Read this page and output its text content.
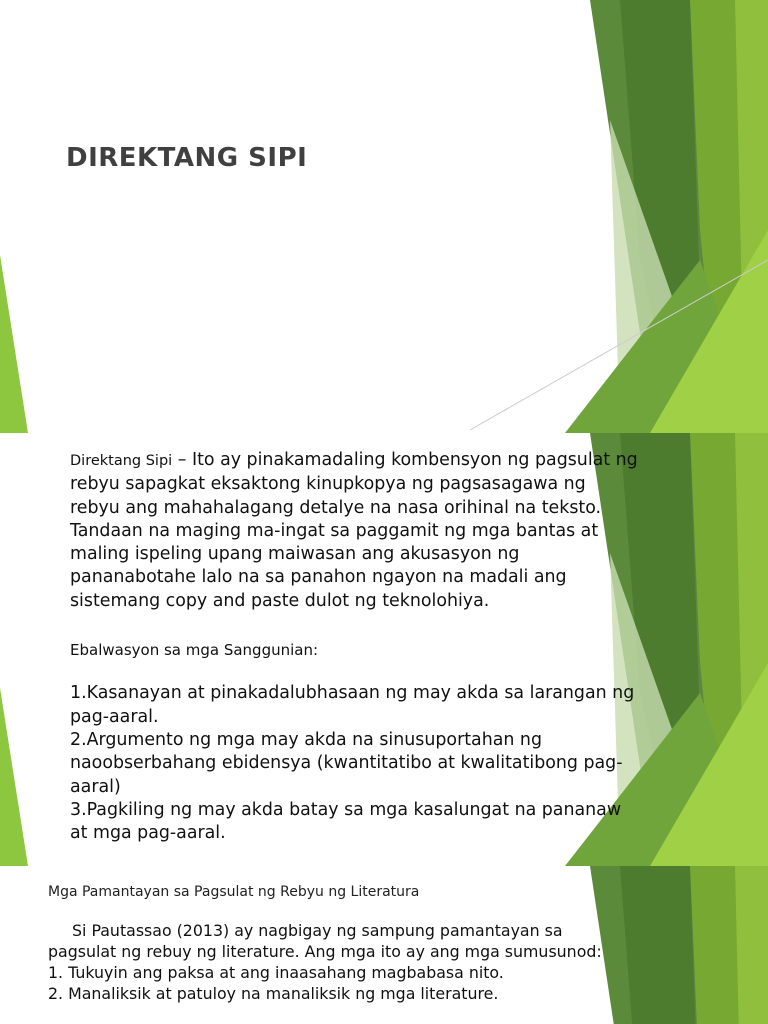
DIREKTANG SIPI

Direktang Sipi – Ito ay pinakamadaling kombensyon ng pagsulat ng rebyu sapagkat eksaktong kinupkopya ng pagsasagawa ng rebyu ang mahahalagang detalye na nasa orihinal na teksto. Tandaan na maging ma-ingat sa paggamit ng mga bantas at maling ispeling upang maiwasan ang akusasyon ng pananabotahe lalo na sa panahon ngayon na madali ang sistemang copy and paste dulot ng teknolohiya.

Ebalwasyon sa mga Sanggunian:

1.Kasanayan at pinakadalubhasaan ng may akda sa larangan ng pag-aaral.

2.Argumento ng mga may akda na sinusuportahan ng naoobserbahang ebidensya (kwantitatibo at kwalitatibong pag-aaral)

3.Pagkiling ng may akda batay sa mga kasalungat na pananaw at mga pag-aaral.

Mga Pamantayan sa Pagsulat ng Rebyu ng Literatura

Si Pautassao (2013) ay nagbigay ng sampung pamantayan sa pagsulat ng rebuy ng literature. Ang mga ito ay ang mga sumusunod:

1. Tukuyin ang paksa at ang inaasahang magbabasa nito.

2. Manaliksik at patuloy na manaliksik ng mga literature.
